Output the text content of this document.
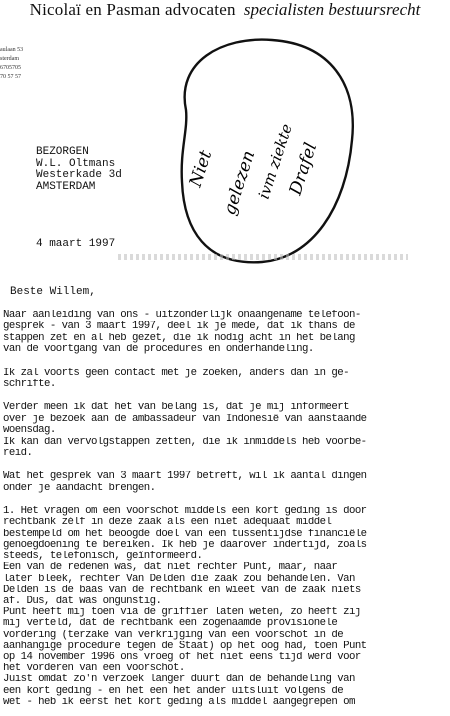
Nicolaï en Pasman advocaten specialisten bestuursrecht
aulaan 53
sterdam
6705705
70 57 57
Niet gelezen
ivm ziekte
Drafel
BEZORGEN
W.L. Oltmans
Westerkade 3d
AMSTERDAM
4 maart 1997
Beste Willem,
Naar aanleiding van ons - uitzonderlijk onaangename telefoon-
gesprek - van 3 maart 1997, deel ik je mede, dat ik thans de
stappen zet en al heb gezet, die ik nodig acht in het belang
van de voortgang van de procedures en onderhandeling.
Ik zal voorts geen contact met je zoeken, anders dan in ge-
schrifte.
Verder meen ik dat het van belang is, dat je mij informeert
over je bezoek aan de ambassadeur van Indonesië van aanstaande
woensdag.
Ik kan dan vervolgstappen zetten, die ik inmiddels heb voorbe-
reid.
Wat het gesprek van 3 maart 1997 betreft, wil ik aantal dingen
onder je aandacht brengen.
1. Het vragen om een voorschot middels een kort geding is door
rechtbank zélf in deze zaak als een niet adequaat middel
bestempeld om het beoogde doel van een tussentijdse financiële
genoegdoening te bereiken. Ik heb je daarover indertijd, zoals
steeds, telefonisch, geïnformeerd.
Een van de redenen was, dat niet rechter Punt, maar, naar
later bleek, rechter Van Delden die zaak zou behandelen. Van
Delden is de baas van de rechtbank en wieet van de zaak niets
af. Dus, dat was ongunstig.
Punt heeft mij toen via de griffier laten weten, zo heeft zij
mij verteld, dat de rechtbank een zogenaamde provisionele
vordering (terzake van verkrijging van een voorschot in de
aanhangige procedure tegen de Staat) op het oog had, toen Punt
op 14 november 1996 ons vroeg of het niet eens tijd werd voor
het vorderen van een voorschot.
Juist omdat zo'n verzoek langer duurt dan de behandeling van
een kort geding - en het een het ander uitsluit volgens de
wet - heb ik eerst het kort geding als middel aangegrepen om
